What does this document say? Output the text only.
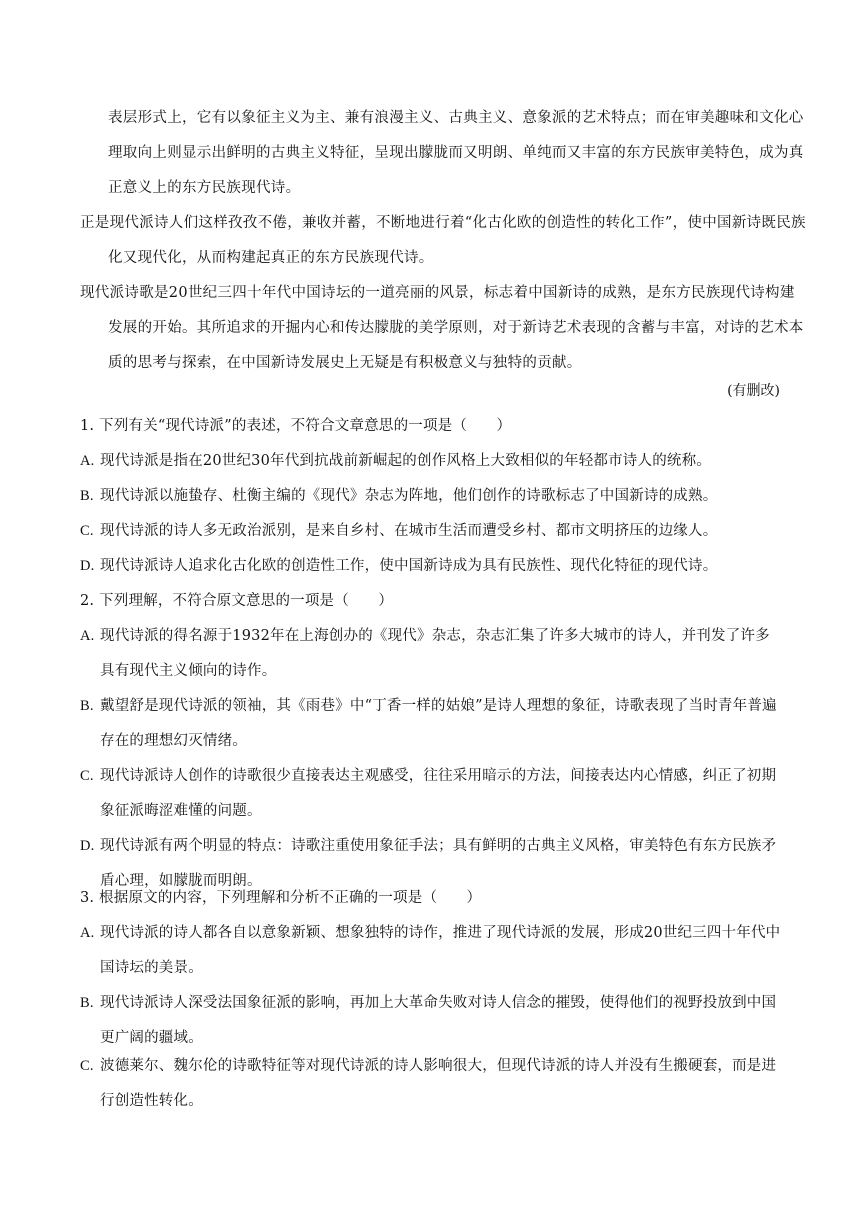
表层形式上，它有以象征主义为主、兼有浪漫主义、古典主义、意象派的艺术特点；而在审美趣味和文化心理取向上则显示出鲜明的古典主义特征，呈现出朦胧而又明朗、单纯而又丰富的东方民族审美特色，成为真正意义上的东方民族现代诗。
正是现代派诗人们这样孜孜不倦，兼收并蓄，不断地进行着“化古化欧的创造性的转化工作”，使中国新诗既民族化又现代化，从而构建起真正的东方民族现代诗。
现代派诗歌是20世纪三四十年代中国诗坛的一道亮丽的风景，标志着中国新诗的成熟，是东方民族现代诗构建发展的开始。其所追求的开掘内心和传达朦胧的美学原则，对于新诗艺术表现的含蓄与丰富，对诗的艺术本质的思考与探索，在中国新诗发展史上无疑是有积极意义与独特的贡献。
(有删改)
1. 下列有关“现代诗派”的表述，不符合文章意思的一项是（　　）
A. 现代诗派是指在20世纪30年代到抗战前新崛起的创作风格上大致相似的年轻都市诗人的统称。
B. 现代诗派以施蛰存、杜衡主编的《现代》杂志为阵地，他们创作的诗歌标志了中国新诗的成熟。
C. 现代诗派的诗人多无政治派别，是来自乡村、在城市生活而遭受乡村、都市文明挤压的边缘人。
D. 现代诗派诗人追求化古化欧的创造性工作，使中国新诗成为具有民族性、现代化特征的现代诗。
2. 下列理解，不符合原文意思的一项是（　　）
A. 现代诗派的得名源于1932年在上海创办的《现代》杂志，杂志汇集了许多大城市的诗人，并刊发了许多具有现代主义倾向的诗作。
B. 戴望舒是现代诗派的领袖，其《雨巷》中“丁香一样的姑娘”是诗人理想的象征，诗歌表现了当时青年普遍存在的理想幻灭情绪。
C. 现代诗派诗人创作的诗歌很少直接表达主观感受，往往采用暗示的方法，间接表达内心情感，纠正了初期象征派晦涩难懂的问题。
D. 现代诗派有两个明显的特点：诗歌注重使用象征手法；具有鲜明的古典主义风格，审美特色有东方民族矛盾心理，如朦胧而明朗。
3. 根据原文的内容，下列理解和分析不正确的一项是（　　）
A. 现代诗派的诗人都各自以意象新颖、想象独特的诗作，推进了现代诗派的发展，形成20世纪三四十年代中国诗坛的美景。
B. 现代诗派诗人深受法国象征派的影响，再加上大革命失败对诗人信念的摧毁，使得他们的视野投放到中国更广阔的疆域。
C. 波德莱尔、魏尔伦的诗歌特征等对现代诗派的诗人影响很大，但现代诗派的诗人并没有生搬硬套，而是进行创造性转化。
